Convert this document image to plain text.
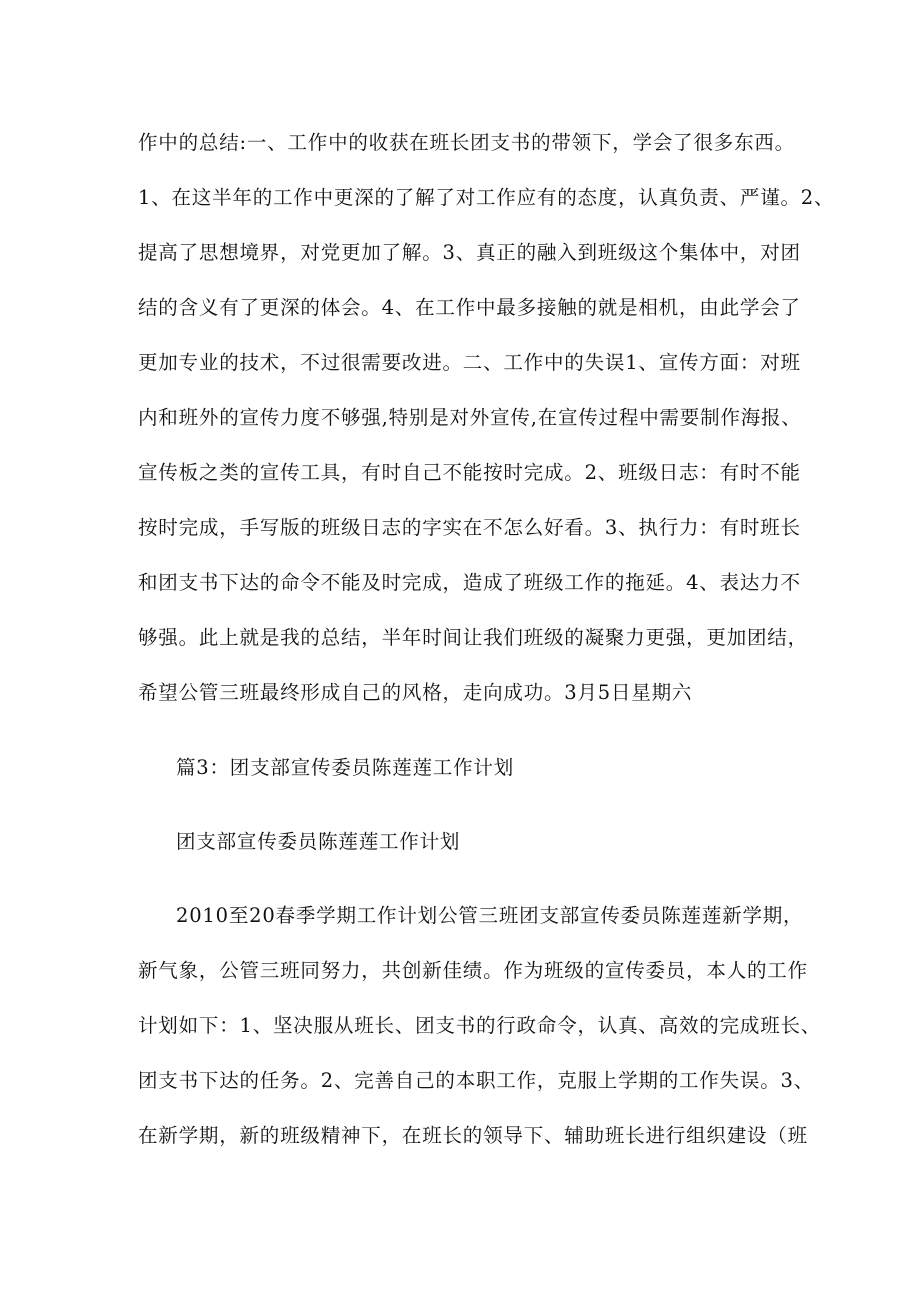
作中的总结:一、工作中的收获在班长团支书的带领下，学会了很多东西。
1、在这半年的工作中更深的了解了对工作应有的态度，认真负责、严谨。2、
提高了思想境界，对党更加了解。3、真正的融入到班级这个集体中，对团
结的含义有了更深的体会。4、在工作中最多接触的就是相机，由此学会了
更加专业的技术，不过很需要改进。二、工作中的失误1、宣传方面：对班
内和班外的宣传力度不够强,特别是对外宣传,在宣传过程中需要制作海报、
宣传板之类的宣传工具，有时自己不能按时完成。2、班级日志：有时不能
按时完成，手写版的班级日志的字实在不怎么好看。3、执行力：有时班长
和团支书下达的命令不能及时完成，造成了班级工作的拖延。4、表达力不
够强。此上就是我的总结，半年时间让我们班级的凝聚力更强，更加团结，
希望公管三班最终形成自己的风格，走向成功。3月5日星期六
篇3：团支部宣传委员陈莲莲工作计划
团支部宣传委员陈莲莲工作计划
2010至20春季学期工作计划公管三班团支部宣传委员陈莲莲新学期，
新气象，公管三班同努力，共创新佳绩。作为班级的宣传委员，本人的工作
计划如下：1、坚决服从班长、团支书的行政命令，认真、高效的完成班长、
团支书下达的任务。2、完善自己的本职工作，克服上学期的工作失误。3、
在新学期，新的班级精神下，在班长的领导下、辅助班长进行组织建设（班
